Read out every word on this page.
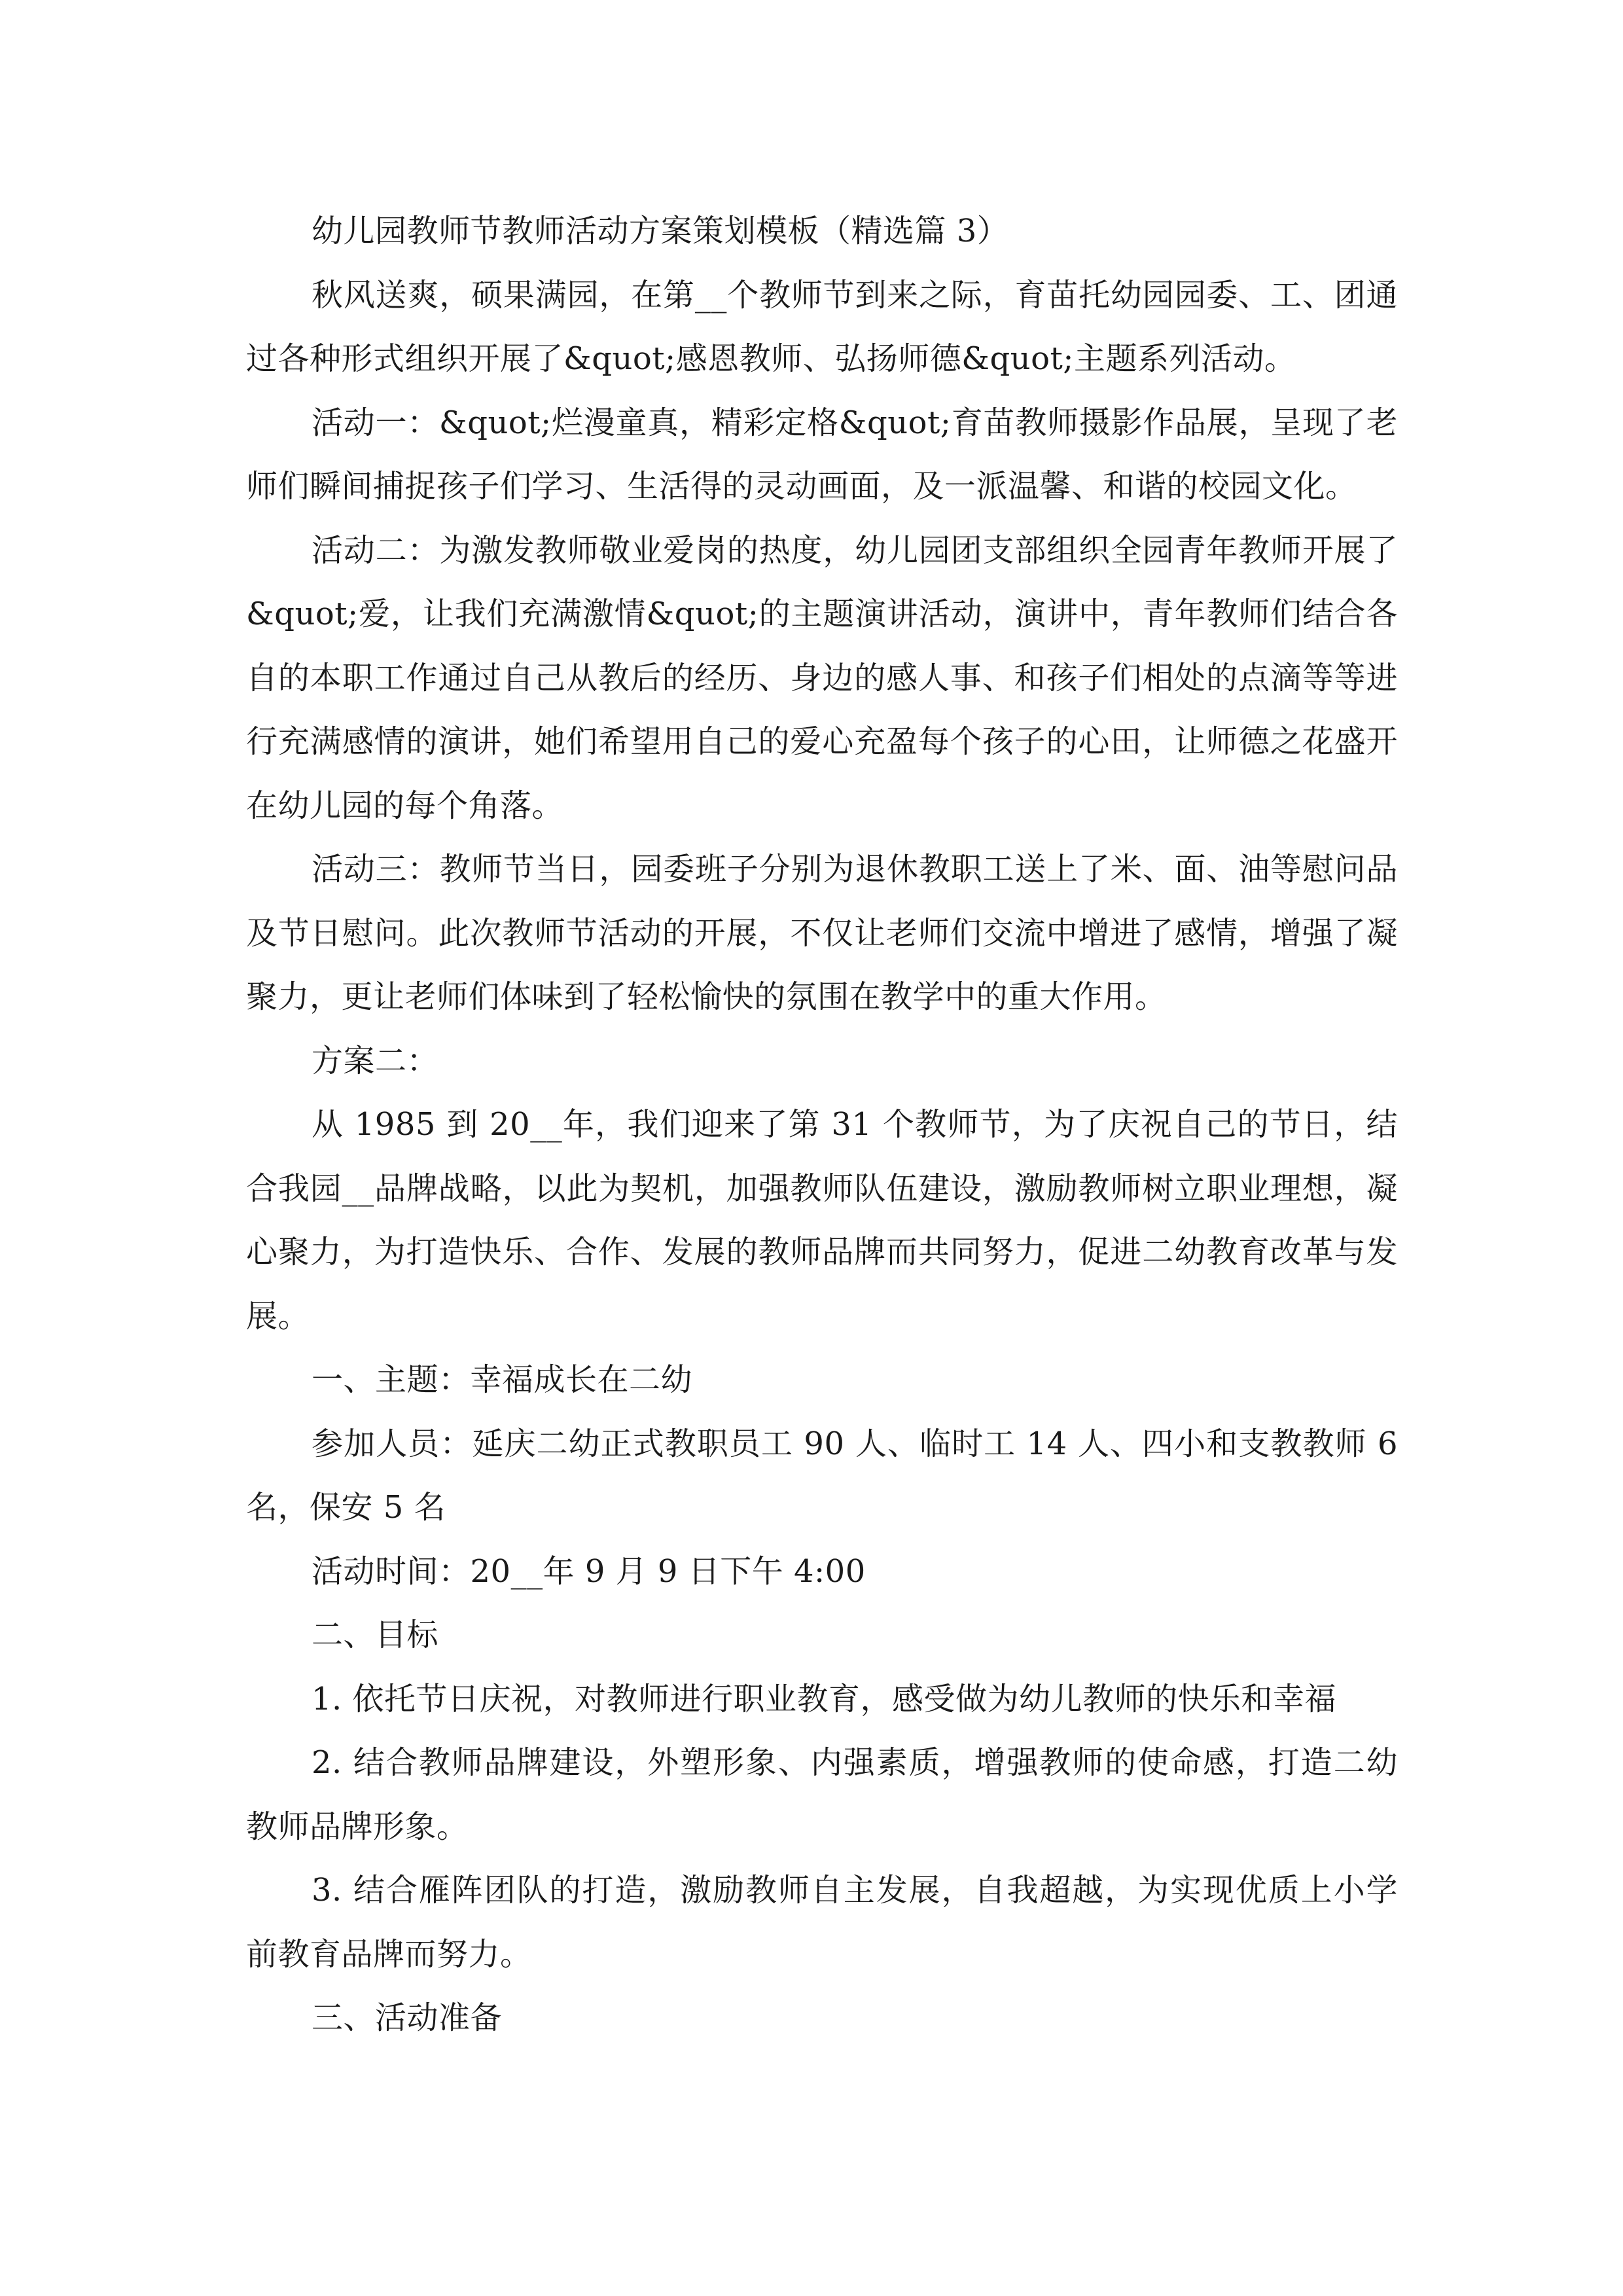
幼儿园教师节教师活动方案策划模板（精选篇 3）

秋风送爽，硕果满园，在第__个教师节到来之际，育苗托幼园园委、工、团通过各种形式组织开展了&quot;感恩教师、弘扬师德&quot;主题系列活动。

活动一：&quot;烂漫童真，精彩定格&quot;育苗教师摄影作品展，呈现了老师们瞬间捕捉孩子们学习、生活得的灵动画面，及一派温馨、和谐的校园文化。

活动二：为激发教师敬业爱岗的热度，幼儿园团支部组织全园青年教师开展了&quot;爱，让我们充满激情&quot;的主题演讲活动，演讲中，青年教师们结合各自的本职工作通过自己从教后的经历、身边的感人事、和孩子们相处的点滴等等进行充满感情的演讲，她们希望用自己的爱心充盈每个孩子的心田，让师德之花盛开在幼儿园的每个角落。

活动三：教师节当日，园委班子分别为退休教职工送上了米、面、油等慰问品及节日慰问。此次教师节活动的开展，不仅让老师们交流中增进了感情，增强了凝聚力，更让老师们体味到了轻松愉快的氛围在教学中的重大作用。

方案二：

从 1985 到 20__年，我们迎来了第 31 个教师节，为了庆祝自己的节日，结合我园__品牌战略，以此为契机，加强教师队伍建设，激励教师树立职业理想，凝心聚力，为打造快乐、合作、发展的教师品牌而共同努力，促进二幼教育改革与发展。

一、主题：幸福成长在二幼

参加人员：延庆二幼正式教职员工 90 人、临时工 14 人、四小和支教教师 6 名，保安 5 名

活动时间：20__年 9 月 9 日下午 4:00

二、目标

1. 依托节日庆祝，对教师进行职业教育，感受做为幼儿教师的快乐和幸福

2. 结合教师品牌建设，外塑形象、内强素质，增强教师的使命感，打造二幼教师品牌形象。

3. 结合雁阵团队的打造，激励教师自主发展，自我超越，为实现优质上小学前教育品牌而努力。

三、活动准备
